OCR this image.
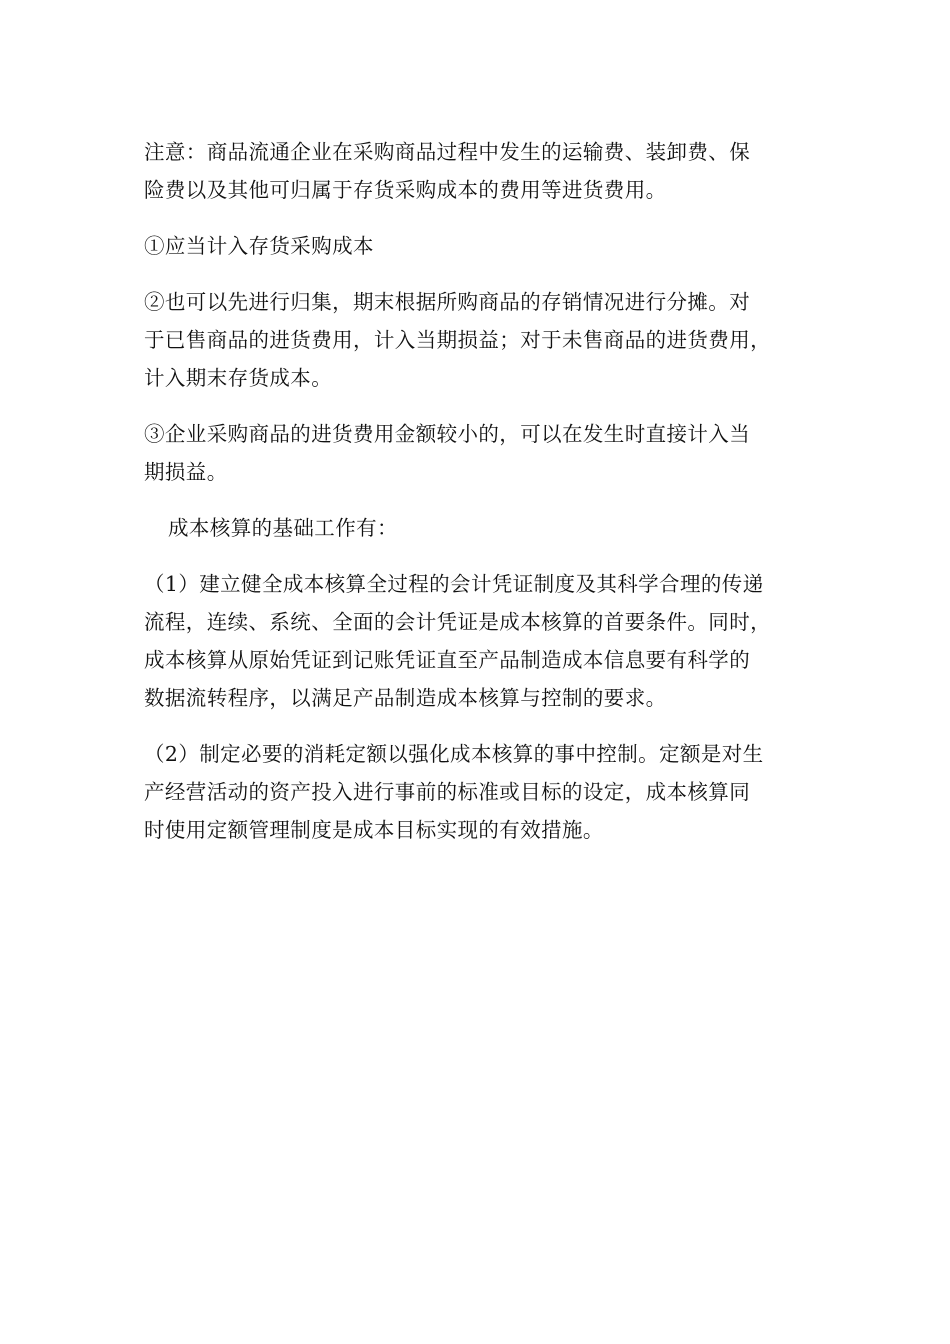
注意：商品流通企业在采购商品过程中发生的运输费、装卸费、保
险费以及其他可归属于存货采购成本的费用等进货费用。

①应当计入存货采购成本

②也可以先进行归集，期末根据所购商品的存销情况进行分摊。对
于已售商品的进货费用，计入当期损益；对于未售商品的进货费用，
计入期末存货成本。

③企业采购商品的进货费用金额较小的，可以在发生时直接计入当
期损益。

成本核算的基础工作有：

（1）建立健全成本核算全过程的会计凭证制度及其科学合理的传递
流程，连续、系统、全面的会计凭证是成本核算的首要条件。同时，
成本核算从原始凭证到记账凭证直至产品制造成本信息要有科学的
数据流转程序，以满足产品制造成本核算与控制的要求。

（2）制定必要的消耗定额以强化成本核算的事中控制。定额是对生
产经营活动的资产投入进行事前的标准或目标的设定，成本核算同
时使用定额管理制度是成本目标实现的有效措施。
